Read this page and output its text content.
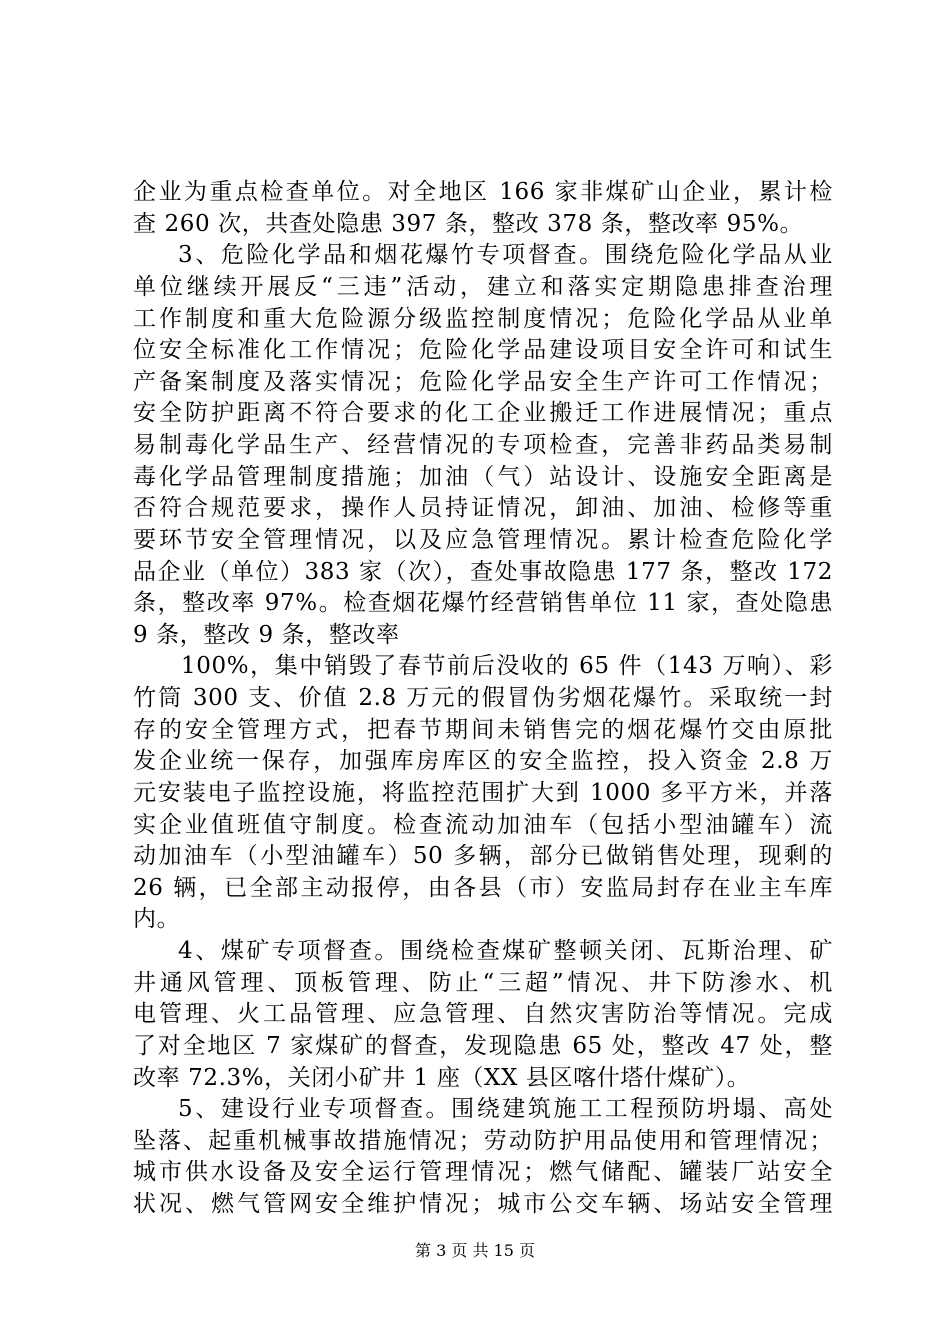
企业为重点检查单位。对全地区 166 家非煤矿山企业，累计检
查 260 次，共查处隐患 397 条，整改 378 条，整改率 95%。
3、危险化学品和烟花爆竹专项督查。围绕危险化学品从业
单位继续开展反“三违”活动，建立和落实定期隐患排查治理
工作制度和重大危险源分级监控制度情况；危险化学品从业单
位安全标准化工作情况；危险化学品建设项目安全许可和试生
产备案制度及落实情况；危险化学品安全生产许可工作情况；
安全防护距离不符合要求的化工企业搬迁工作进展情况；重点
易制毒化学品生产、经营情况的专项检查，完善非药品类易制
毒化学品管理制度措施；加油（气）站设计、设施安全距离是
否符合规范要求，操作人员持证情况，卸油、加油、检修等重
要环节安全管理情况，以及应急管理情况。累计检查危险化学
品企业（单位）383 家（次），查处事故隐患 177 条，整改 172
条，整改率 97%。检查烟花爆竹经营销售单位 11 家，查处隐患
9 条，整改 9 条，整改率
100%，集中销毁了春节前后没收的 65 件（143 万响）、彩
竹筒 300 支、价值 2.8 万元的假冒伪劣烟花爆竹。采取统一封
存的安全管理方式，把春节期间未销售完的烟花爆竹交由原批
发企业统一保存，加强库房库区的安全监控，投入资金 2.8 万
元安装电子监控设施，将监控范围扩大到 1000 多平方米，并落
实企业值班值守制度。检查流动加油车（包括小型油罐车）流
动加油车（小型油罐车）50 多辆，部分已做销售处理，现剩的
26 辆，已全部主动报停，由各县（市）安监局封存在业主车库
内。
4、煤矿专项督查。围绕检查煤矿整顿关闭、瓦斯治理、矿
井通风管理、顶板管理、防止“三超”情况、井下防渗水、机
电管理、火工品管理、应急管理、自然灾害防治等情况。完成
了对全地区 7 家煤矿的督查，发现隐患 65 处，整改 47 处，整
改率 72.3%，关闭小矿井 1 座（XX 县区喀什塔什煤矿）。
第 3 页 共 15 页
5、建设行业专项督查。围绕建筑施工工程预防坍塌、高处
坠落、起重机械事故措施情况；劳动防护用品使用和管理情况；
城市供水设备及安全运行管理情况；燃气储配、罐装厂站安全
状况、燃气管网安全维护情况；城市公交车辆、场站安全管理
